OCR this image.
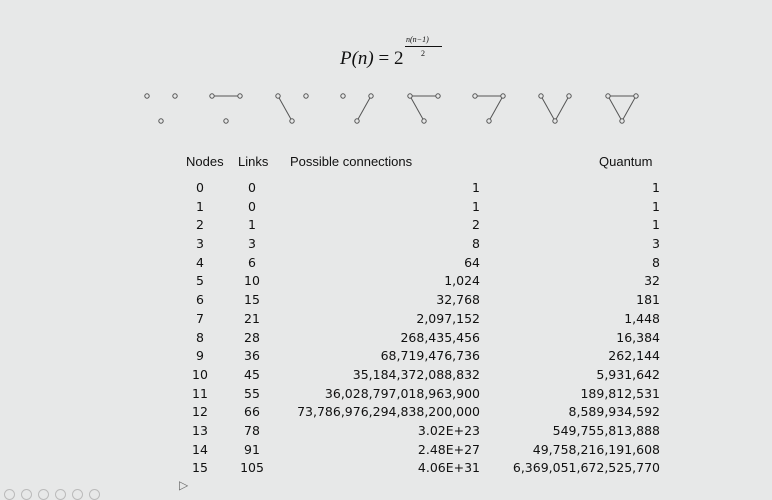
P(n) = 2
n(n−1)
2
Nodes Links Possible connections	Quantum
0	0	1	1
1	0	1	1
2	1	2	1
3	3	8	3
4	6	64	8
5	10	1,024	32
6	15	32,768	181
7	21	2,097,152	1,448
8	28	268,435,456	16,384
9	36	68,719,476,736	262,144
10	45	35,184,372,088,832	5,931,642
11	55	36,028,797,018,963,900	189,812,531
12	66	73,786,976,294,838,200,000	8,589,934,592
13	78	3.02E+23	549,755,813,888
14	91	2.48E+27	49,758,216,191,608
15	105	4.06E+31	6,369,051,672,525,770
▷
